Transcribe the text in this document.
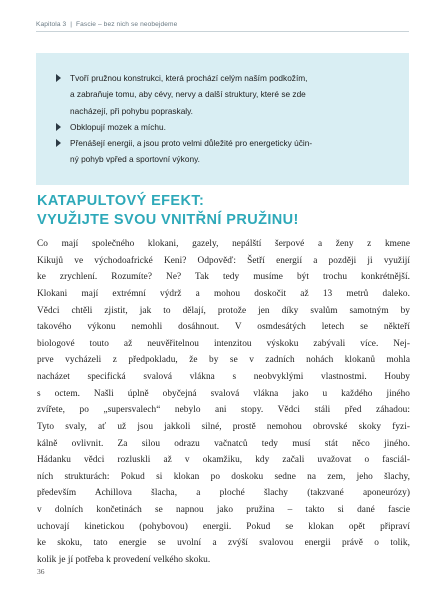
Kapitola 3 | Fascie – bez nich se neobejdeme
Tvoří pružnou konstrukci, která prochází celým naším podkožím,
a zabraňuje tomu, aby cévy, nervy a další struktury, které se zde
nacházejí, při pohybu popraskaly.
Obklopují mozek a míchu.
Přenášejí energii, a jsou proto velmi důležité pro energeticky účin-
ný pohyb vpřed a sportovní výkony.
KATAPULTOVÝ EFEKT:
VYUŽIJTE SVOU VNITŘNÍ PRUŽINU!
Co mají společného klokani, gazely, nepálští šerpové a ženy z kmene
Kikujů ve východoafrické Keni? Odpověď: Šetří energií a později ji využijí
ke zrychlení. Rozumíte? Ne? Tak tedy musíme být trochu konkrétnější.
Klokani mají extrémní výdrž a mohou doskočit až 13 metrů daleko.
Vědci chtěli zjistit, jak to dělají, protože jen díky svalům samotným by
takového výkonu nemohli dosáhnout. V osmdesátých letech se někteří
biologové touto až neuvěřitelnou intenzitou výskoku zabývali více. Nej-
prve vycházeli z předpokladu, že by se v zadních nohách klokanů mohla
nacházet specifická svalová vlákna s neobvyklými vlastnostmi. Houby
s octem. Našli úplně obyčejná svalová vlákna jako u každého jiného
zvířete, po „supersvalech“ nebylo ani stopy. Vědci stáli před záhadou:
Tyto svaly, ať už jsou jakkoli silné, prostě nemohou obrovské skoky fyzi-
kálně ovlivnit. Za silou odrazu vačnatců tedy musí stát něco jiného.
Hádanku vědci rozluskli až v okamžiku, kdy začali uvažovat o fasciál-
ních strukturách: Pokud si klokan po doskoku sedne na zem, jeho šlachy,
především Achillova šlacha, a ploché šlachy (takzvané aponeurózy)
v dolních končetinách se napnou jako pružina – takto si dané fascie
uchovají kinetickou (pohybovou) energii. Pokud se klokan opět připraví
ke skoku, tato energie se uvolní a zvýší svalovou energii právě o tolik,
kolik je jí potřeba k provedení velkého skoku.
36
